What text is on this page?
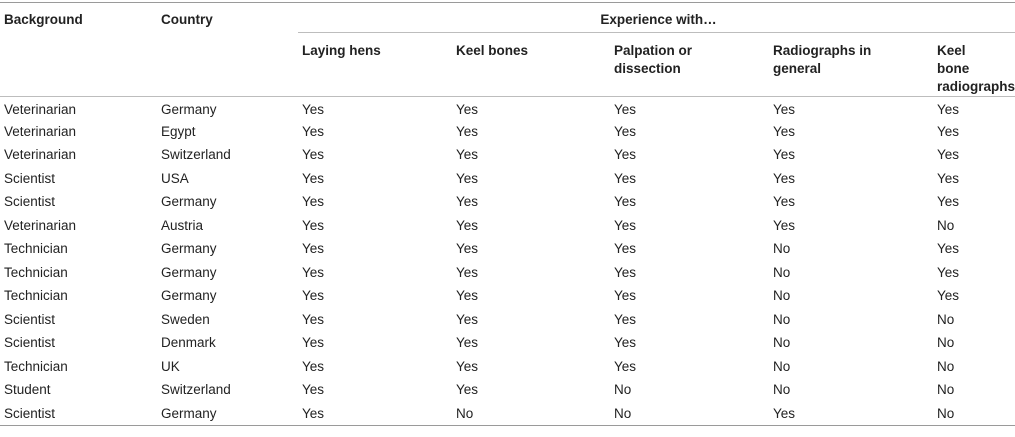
Background	Country	Experience with…				
		Laying hens	Keel bones	Palpation or dissection	Radiographs in general	Keel bone radiographs
Veterinarian	Germany	Yes	Yes	Yes	Yes	Yes
Veterinarian	Egypt	Yes	Yes	Yes	Yes	Yes
Veterinarian	Switzerland	Yes	Yes	Yes	Yes	Yes
Scientist	USA	Yes	Yes	Yes	Yes	Yes
Scientist	Germany	Yes	Yes	Yes	Yes	Yes
Veterinarian	Austria	Yes	Yes	Yes	Yes	No
Technician	Germany	Yes	Yes	Yes	No	Yes
Technician	Germany	Yes	Yes	Yes	No	Yes
Technician	Germany	Yes	Yes	Yes	No	Yes
Scientist	Sweden	Yes	Yes	Yes	No	No
Scientist	Denmark	Yes	Yes	Yes	No	No
Technician	UK	Yes	Yes	Yes	No	No
Student	Switzerland	Yes	Yes	No	No	No
Scientist	Germany	Yes	No	No	Yes	No
